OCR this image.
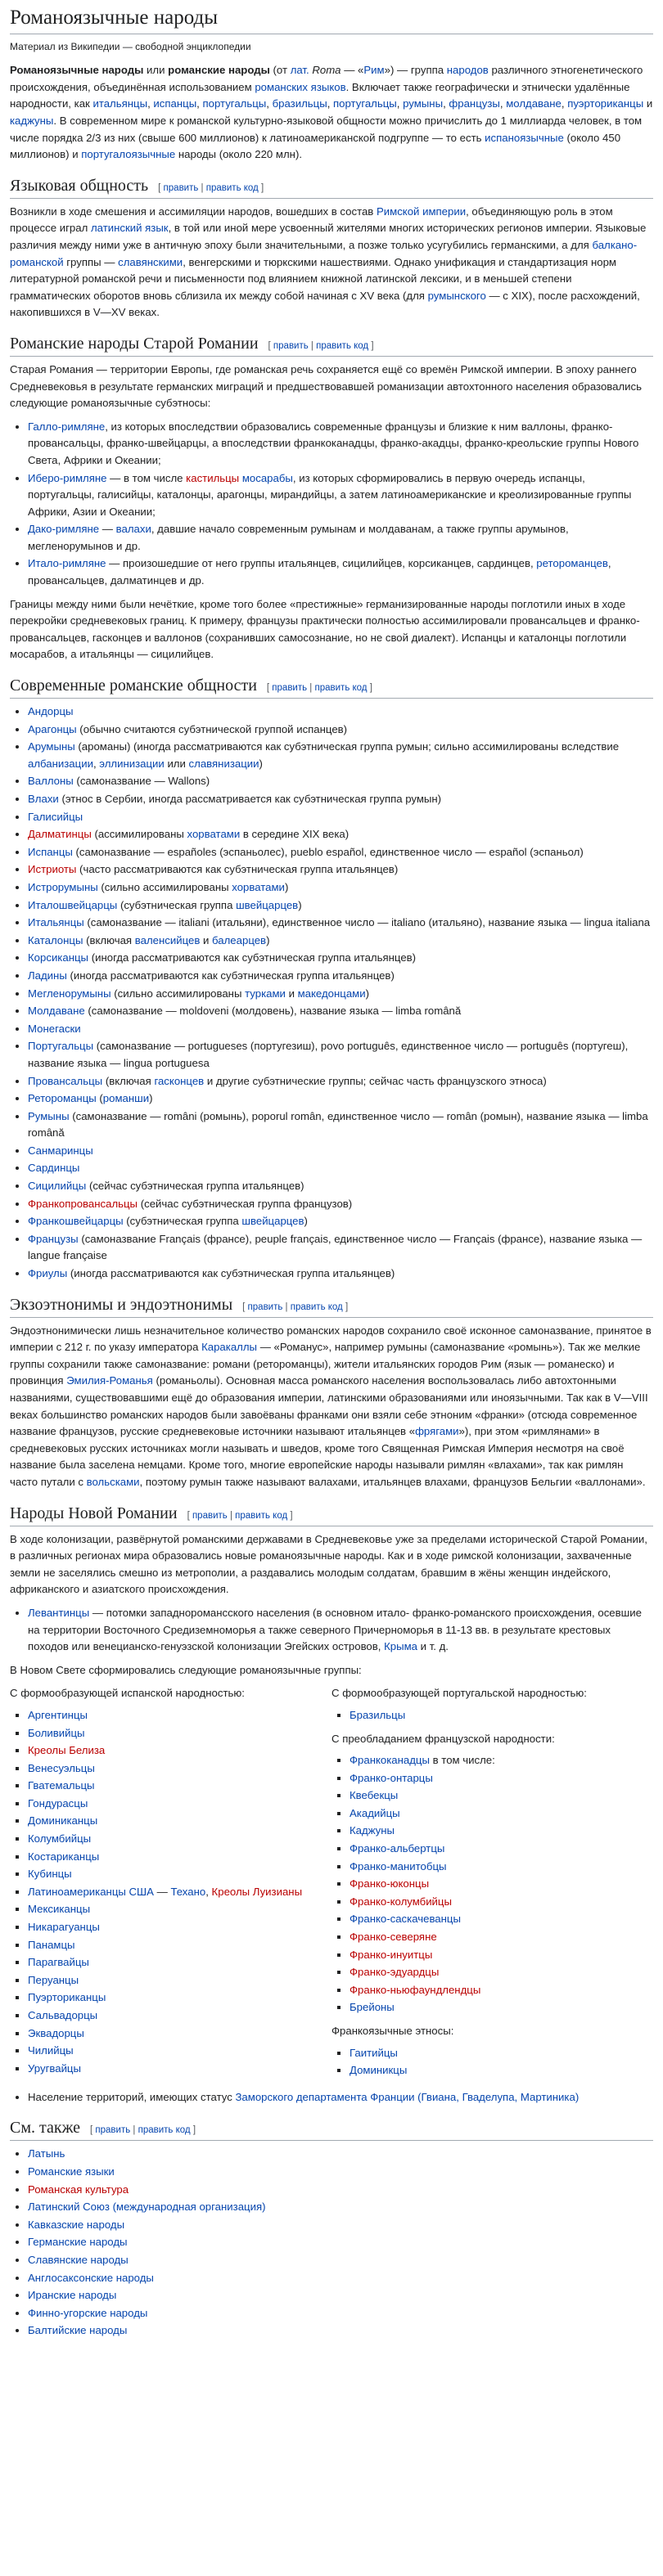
Романоязычные народы
Материал из Википедии — свободной энциклопедии

Романоязычные народы или романские народы (от лат. Roma — «Рим») — группа народов различного этногенетического происхождения, объединённая использованием романских языков. Включает также географически и этнически удалённые народности, как итальянцы, испанцы, португальцы, бразильцы, португальцы, румыны, французы, молдаване, пуэрториканцы и каджуны. В современном мире к романской культурно-языковой общности можно причислить до 1 миллиарда человек, в том числе порядка 2/3 из них (свыше 600 миллионов) к латиноамериканской подгруппе — то есть испаноязычные (около 450 миллионов) и португалоязычные народы (около 220 млн).

Языковая общность [ править | править код ]

Возникли в ходе смешения и ассимиляции народов, вошедших в состав Римской империи, объединяющую роль в этом процессе играл латинский язык, в той или иной мере усвоенный жителями многих исторических регионов империи. Языковые различия между ними уже в античную эпоху были значительными, а позже только усугубились германскими, а для балкано-романской группы — славянскими, венгерскими и тюркскими нашествиями. Однако унификация и стандартизация норм литературной романской речи и письменности под влиянием книжной латинской лексики, и в меньшей степени грамматических оборотов вновь сблизила их между собой начиная с XV века (для румынского — с XIX), после расхождений, накопившихся в V—XV веках.

Романские народы Старой Романии [ править | править код ]

Старая Романия — территории Европы, где романская речь сохраняется ещё со времён Римской империи. В эпоху раннего Средневековья в результате германских миграций и предшествовавшей романизации автохтонного населения образовались следующие романоязычные субэтносы:

• Галло-римляне, из которых впоследствии образовались современные французы и близкие к ним валлоны, франко-провансальцы, франко-швейцарцы, а впоследствии франкоканадцы, франко-акадцы, франко-креольские группы Нового Света, Африки и Океании;
• Иберо-римляне — в том числе кастильцы мосарабы, из которых сформировались в первую очередь испанцы, португальцы, галисийцы, каталонцы, арагонцы, мирандийцы, а затем латиноамериканские и креолизированные группы Африки, Азии и Океании;
• Дако-римляне — валахи, давшие начало современным румынам и молдаванам, а также группы арумынов, мегленорумынов и др.
• Итало-римляне — произошедшие от него группы итальянцев, сицилийцев, корсиканцев, сардинцев, ретороманцев, провансальцев, далматинцев и др.

Границы между ними были нечёткие, кроме того более «престижные» германизированные народы поглотили иных в ходе перекройки средневековых границ. К примеру, французы практически полностью ассимилировали провансальцев и франко-провансальцев, гасконцев и валлонов (сохранивших самосознание, но не свой диалект). Испанцы и каталонцы поглотили мосарабов, а итальянцы — сицилийцев.

Современные романские общности [ править | править код ]
• Андорцы
• Арагонцы (обычно считаются субэтнической группой испанцев)
• Арумыны (ароманы) (иногда рассматриваются как субэтническая группа румын; сильно ассимилированы вследствие албанизации, эллинизации или славянизации)
• Валлоны (самоназвание — Wallons)
• Влахи (этнос в Сербии, иногда рассматривается как субэтническая группа румын)
• Галисийцы
• Далматинцы (ассимилированы хорватами в середине XIX века)
• Испанцы (самоназвание — españoles (эспаньолес), pueblo español, единственное число — español (эспаньол)
• Истриоты (часто рассматриваются как субэтническая группа итальянцев)
• Истрорумыны (сильно ассимилированы хорватами)
• Италошвейцарцы (субэтническая группа швейцарцев)
• Итальянцы (самоназвание — italiani (итальяни), единственное число — italiano (итальяно), название языка — lingua italiana
• Каталонцы (включая валенсийцев и балеарцев)
• Корсиканцы (иногда рассматриваются как субэтническая группа итальянцев)
• Ладины (иногда рассматриваются как субэтническая группа итальянцев)
• Мегленорумыны (сильно ассимилированы турками и македонцами)
• Молдаване (самоназвание — moldoveni (молдовень), название языка — limba română
• Монегаски
• Португальцы (самоназвание — portugueses (португезиш), povo português, единственное число — português (португеш), название языка — lingua portuguesa
• Провансальцы (включая гасконцев и другие субэтнические группы; сейчас часть французского этноса)
• Ретороманцы (романши)
• Румыны (самоназвание — români (ромынь), poporul român, единственное число — român (ромын), название языка — limba română
• Санмаринцы
• Сардинцы
• Сицилийцы (сейчас субэтническая группа итальянцев)
• Франкопровансальцы (сейчас субэтническая группа французов)
• Франкошвейцарцы (субэтническая группа швейцарцев)
• Французы (самоназвание Français (франсе), peuple français, единственное число — Français (франсе), название языка — langue française
• Фриулы (иногда рассматриваются как субэтническая группа итальянцев)
Экзоэтнонимы и эндоэтнонимы [ править | править код ]

Эндоэтнонимически лишь незначительное количество романских народов сохранило своё исконное самоназвание, принятое в империи с 212 г. по указу императора Каракаллы — «Романус», например румыны (самоназвание «ромынь»). Так же мелкие группы сохранили также самоназвание: романи (ретороманцы), жители итальянских городов Рим (язык — романеско) и провинция Эмилия-Романья (романьолы). Основная масса романского населения воспользовалась либо автохтонными названиями, существовавшими ещё до образования империи, латинскими образованиями или иноязычными. Так как в V—VIII веках большинство романских народов были завоёваны франками они взяли себе этноним «франки» (отсюда современное название французов, русские средневековые источники называют итальянцев «фрягами»), при этом «римлянами» в средневековых русских источниках могли называть и шведов, кроме того Священная Римская Империя несмотря на своё название была заселена немцами. Кроме того, многие европейские народы называли римлян «влахами», так как римлян часто путали с вольсками, поэтому румын также называют валахами, итальянцев влахами, французов Бельгии «валлонами».

Народы Новой Романии [ править | править код ]

В ходе колонизации, развёрнутой романскими державами в Средневековье уже за пределами исторической Старой Романии, в различных регионах мира образовались новые романоязычные народы. Как и в ходе римской колонизации, захваченные земли не заселялись смешно из метрополии, а раздавались молодым солдатам, бравшим в жёны женщин индейского, африканского и азиатского происхождения.

• Левантинцы — потомки западноромансского населения (в основном итало- франко-романского происхождения, осевшие на территории Восточного Средиземноморья а также северного Причерноморья в 11-13 вв. в результате крестовых походов или венецианско-генуэзской колонизации Эгейских островов, Крыма и т. д.

В Новом Свете сформировались следующие романоязычные группы:

С формообразующей испанской народностью:

▪ Аргентинцы
▪ Боливийцы
▪ Креолы Белиза
▪ Венесуэльцы
▪ Гватемальцы
▪ Гондурасцы
▪ Доминиканцы
▪ Колумбийцы
▪ Костариканцы
▪ Кубинцы
▪ Латиноамериканцы США — Техано, Креолы Луизианы
▪ Мексиканцы
▪ Никарагуанцы
▪ Панамцы
▪ Парагвайцы
▪ Перуанцы
▪ Пуэрториканцы
▪ Сальвадорцы
▪ Эквадорцы
▪ Чилийцы
▪ Уругвайцы

С формообразующей португальской народностью:

▪ Бразильцы

С преобладанием французской народности:

▪ Франкоканадцы в том числе:
▪ Франко-онтарцы
▪ Квебекцы
▪ Акадийцы
▪ Каджуны
▪ Франко-альбертцы
▪ Франко-манитобцы
▪ Франко-юконцы
▪ Франко-колумбийцы
▪ Франко-саскачеванцы
▪ Франко-северяне
▪ Франко-инуитцы
▪ Франко-эдуардцы
▪ Франко-ньюфаундлендцы
▪ Брейоны

Франкоязычные этносы:

▪ Гаитийцы
▪ Доминикцы
• Население территорий, имеющих статус Заморского департамента Франции (Гвиана, Гваделупа, Мартиника)
См. также [ править | править код ]
• Латынь
• Романские языки
• Романская культура
• Латинский Союз (международная организация)
• Кавказские народы
• Германские народы
• Славянские народы
• Англосаксонские народы
• Иранские народы
• Финно-угорские народы
• Балтийские народы
